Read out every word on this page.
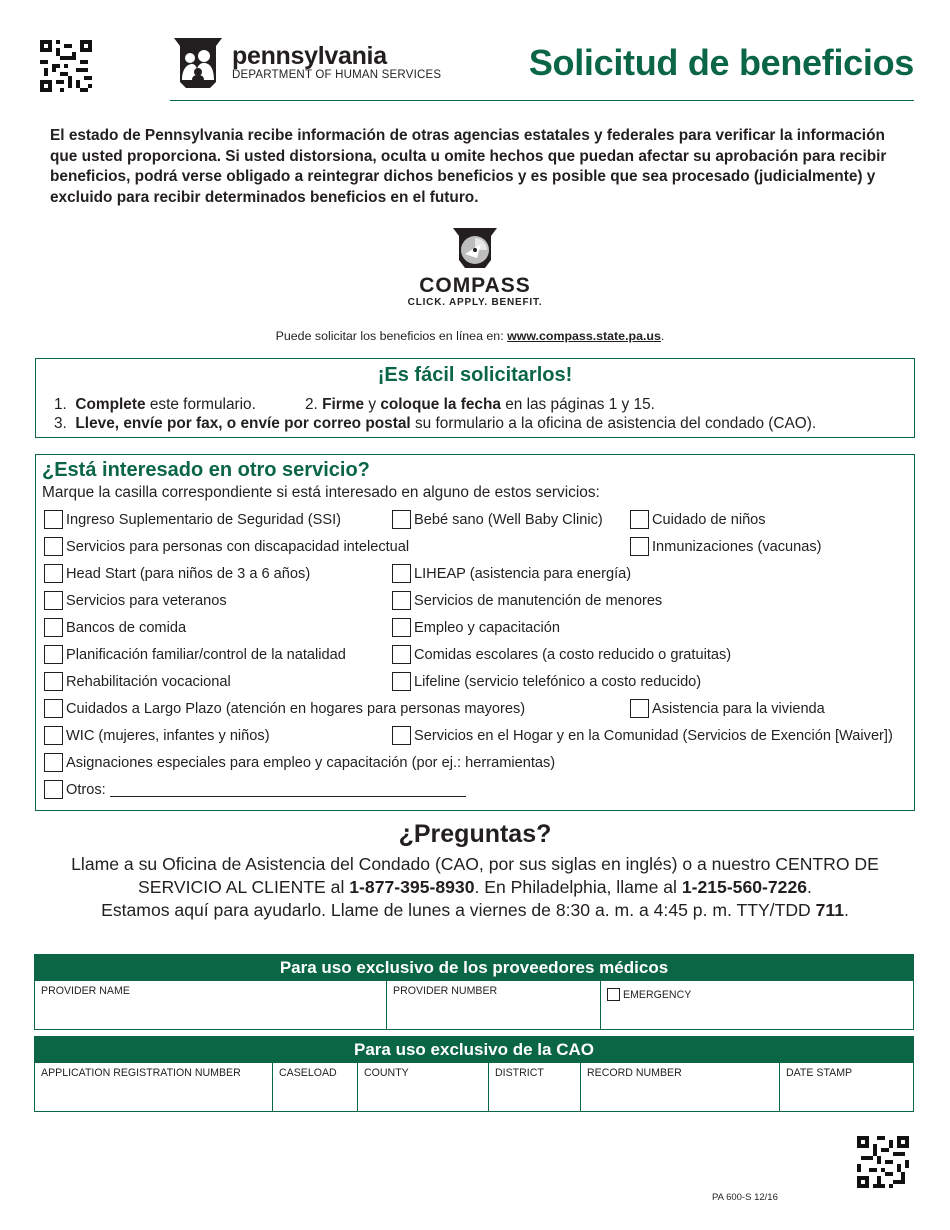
pennsylvania
DEPARTMENT OF HUMAN SERVICES Solicitud de beneficios

El estado de Pennsylvania recibe información de otras agencias estatales y federales para verificar la información que usted proporciona. Si usted distorsiona, oculta u omite hechos que puedan afectar su aprobación para recibir beneficios, podrá verse obligado a reintegrar dichos beneficios y es posible que sea procesado (judicialmente) y excluido para recibir determinados beneficios en el futuro.

COMPASS
CLICK. APPLY. BENEFIT.
Puede solicitar los beneficios en línea en: www.compass.state.pa.us.
¡Es fácil solicitarlos!
1. Complete este formulario.	2. Firme y coloque la fecha en las páginas 1 y 15.
3. Lleve, envíe por fax, o envíe por correo postal su formulario a la oficina de asistencia del condado (CAO).
¿Está interesado en otro servicio?
Marque la casilla correspondiente si está interesado en alguno de estos servicios:
Ingreso Suplementario de Seguridad (SSI)	Bebé sano (Well Baby Clinic)	Cuidado de niños
Servicios para personas con discapacidad intelectual	Inmunizaciones (vacunas)
Head Start (para niños de 3 a 6 años)	LIHEAP (asistencia para energía)
Servicios para veteranos	Servicios de manutención de menores
Bancos de comida	Empleo y capacitación
Planificación familiar/control de la natalidad	Comidas escolares (a costo reducido o gratuitas)
Rehabilitación vocacional	Lifeline (servicio telefónico a costo reducido)
Cuidados a Largo Plazo (atención en hogares para personas mayores)	Asistencia para la vivienda
WIC (mujeres, infantes y niños)	Servicios en el Hogar y en la Comunidad (Servicios de Exención [Waiver])
Asignaciones especiales para empleo y capacitación (por ej.: herramientas)
Otros:
¿Preguntas?
Llame a su Oficina de Asistencia del Condado (CAO, por sus siglas en inglés) o a nuestro CENTRO DE
SERVICIO AL CLIENTE al 1-877-395-8930. En Philadelphia, llame al 1-215-560-7226.
Estamos aquí para ayudarlo. Llame de lunes a viernes de 8:30 a. m. a 4:45 p. m. TTY/TDD 711.
Para uso exclusivo de los proveedores médicos
PROVIDER NAME	PROVIDER NUMBER	EMERGENCY
Para uso exclusivo de la CAO
APPLICATION REGISTRATION NUMBER	CASELOAD	COUNTY	DISTRICT	RECORD NUMBER	DATE STAMP
PA 600-S 12/16
